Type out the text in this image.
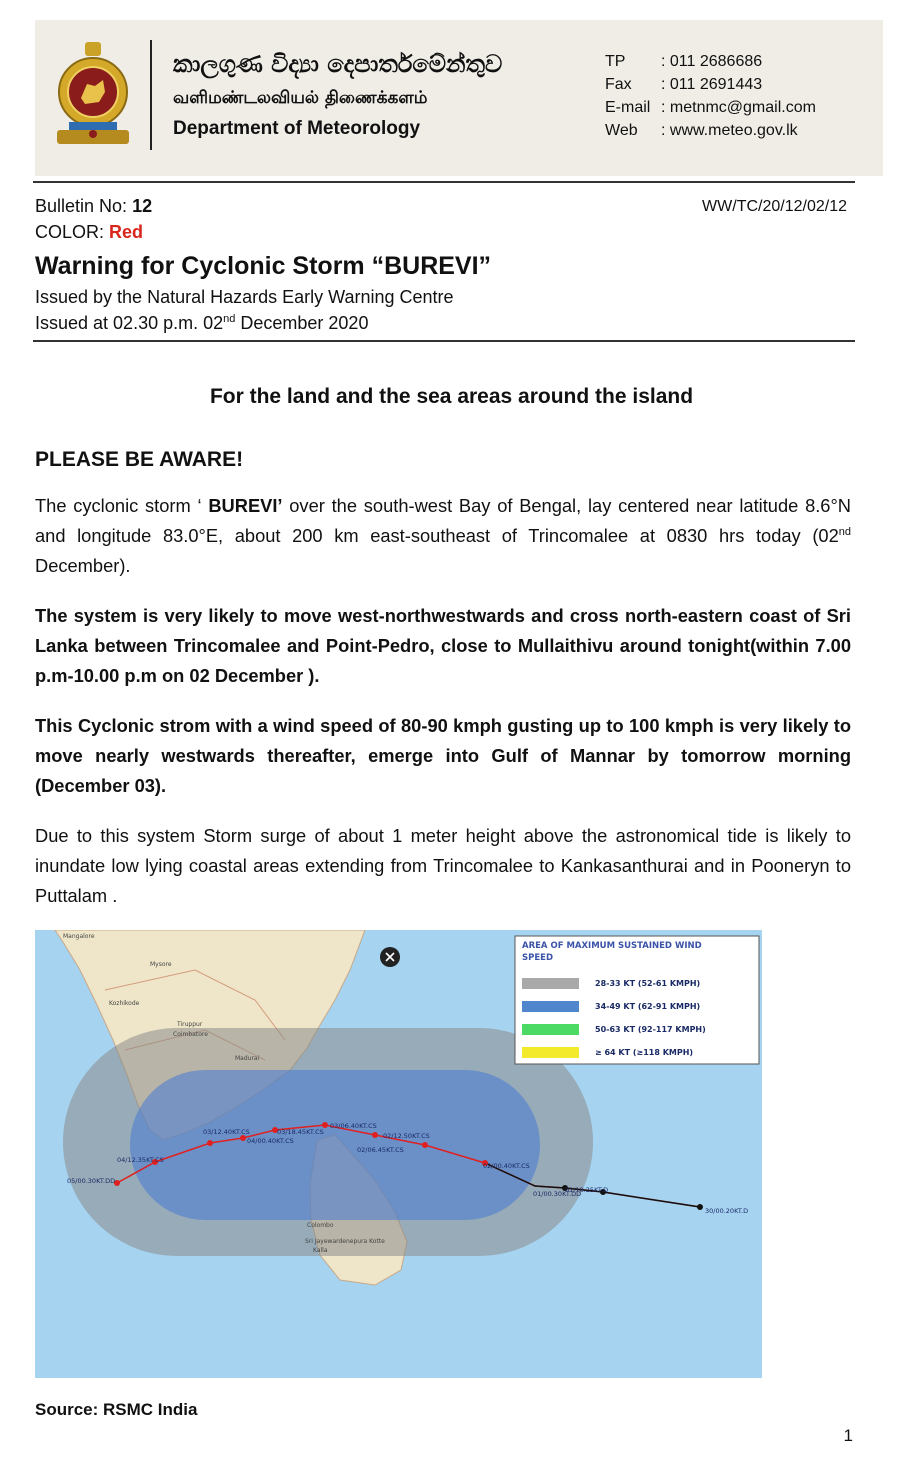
කාලගුණ විද්‍යා දෙපාර්තමේන්තුව
வளிமண்டலவியல் திணைக்களம்
Department of Meteorology
TP	: 011 2686686
Fax	: 011 2691443
E-mail : metnmc@gmail.com
Web	: www.meteo.gov.lk
Bulletin No: 12	WW/TC/20/12/02/12
COLOR: Red
Warning for Cyclonic Storm “BUREVI”
Issued by the Natural Hazards Early Warning Centre
Issued at 02.30 p.m. 02nd December 2020
For the land and the sea areas around the island
PLEASE BE AWARE!
The cyclonic storm ‘ BUREVI’ over the south-west Bay of Bengal, lay centered near latitude 8.6°N and longitude 83.0°E, about 200 km east-southeast of Trincomalee at 0830 hrs today (02nd December).
The system is very likely to move west-northwestwards and cross north-eastern coast of Sri Lanka between Trincomalee and Point-Pedro, close to Mullaithivu around tonight(within 7.00 p.m-10.00 p.m on 02 December ).
This Cyclonic strom with a wind speed of 80-90 kmph gusting up to 100 kmph is very likely to move nearly westwards thereafter, emerge into Gulf of Mannar by tomorrow morning (December 03).
Due to this system Storm surge of about 1 meter height above the astronomical tide is likely to inundate low lying coastal areas extending from Trincomalee to Kankasanthurai and in Pooneryn to Puttalam .
05/00.30KT.DD
04/12.35KT.CS
03/12.40KT.CS
04/00.40KT.CS
03/18.45KT.CS
03/06.40KT.CS
02/12.50KT.CS
02/06.45KT.CS
02/00.40KT.CS
01/00.30KT.DD
01/18.25KT.D
30/00.20KT.D
Mangalore
Mysore
Kozhikode
Tiruppur
Coimbatore
Madurai
Colombo
Sri Jayewardenepura Kotte
Kalla
AREA OF MAXIMUM SUSTAINED WIND SPEED
28-33 KT (52-61 KMPH)
34-49 KT (62-91 KMPH)
50-63 KT (92-117 KMPH)
≥ 64 KT (≥118 KMPH)
Source: RSMC India
1
